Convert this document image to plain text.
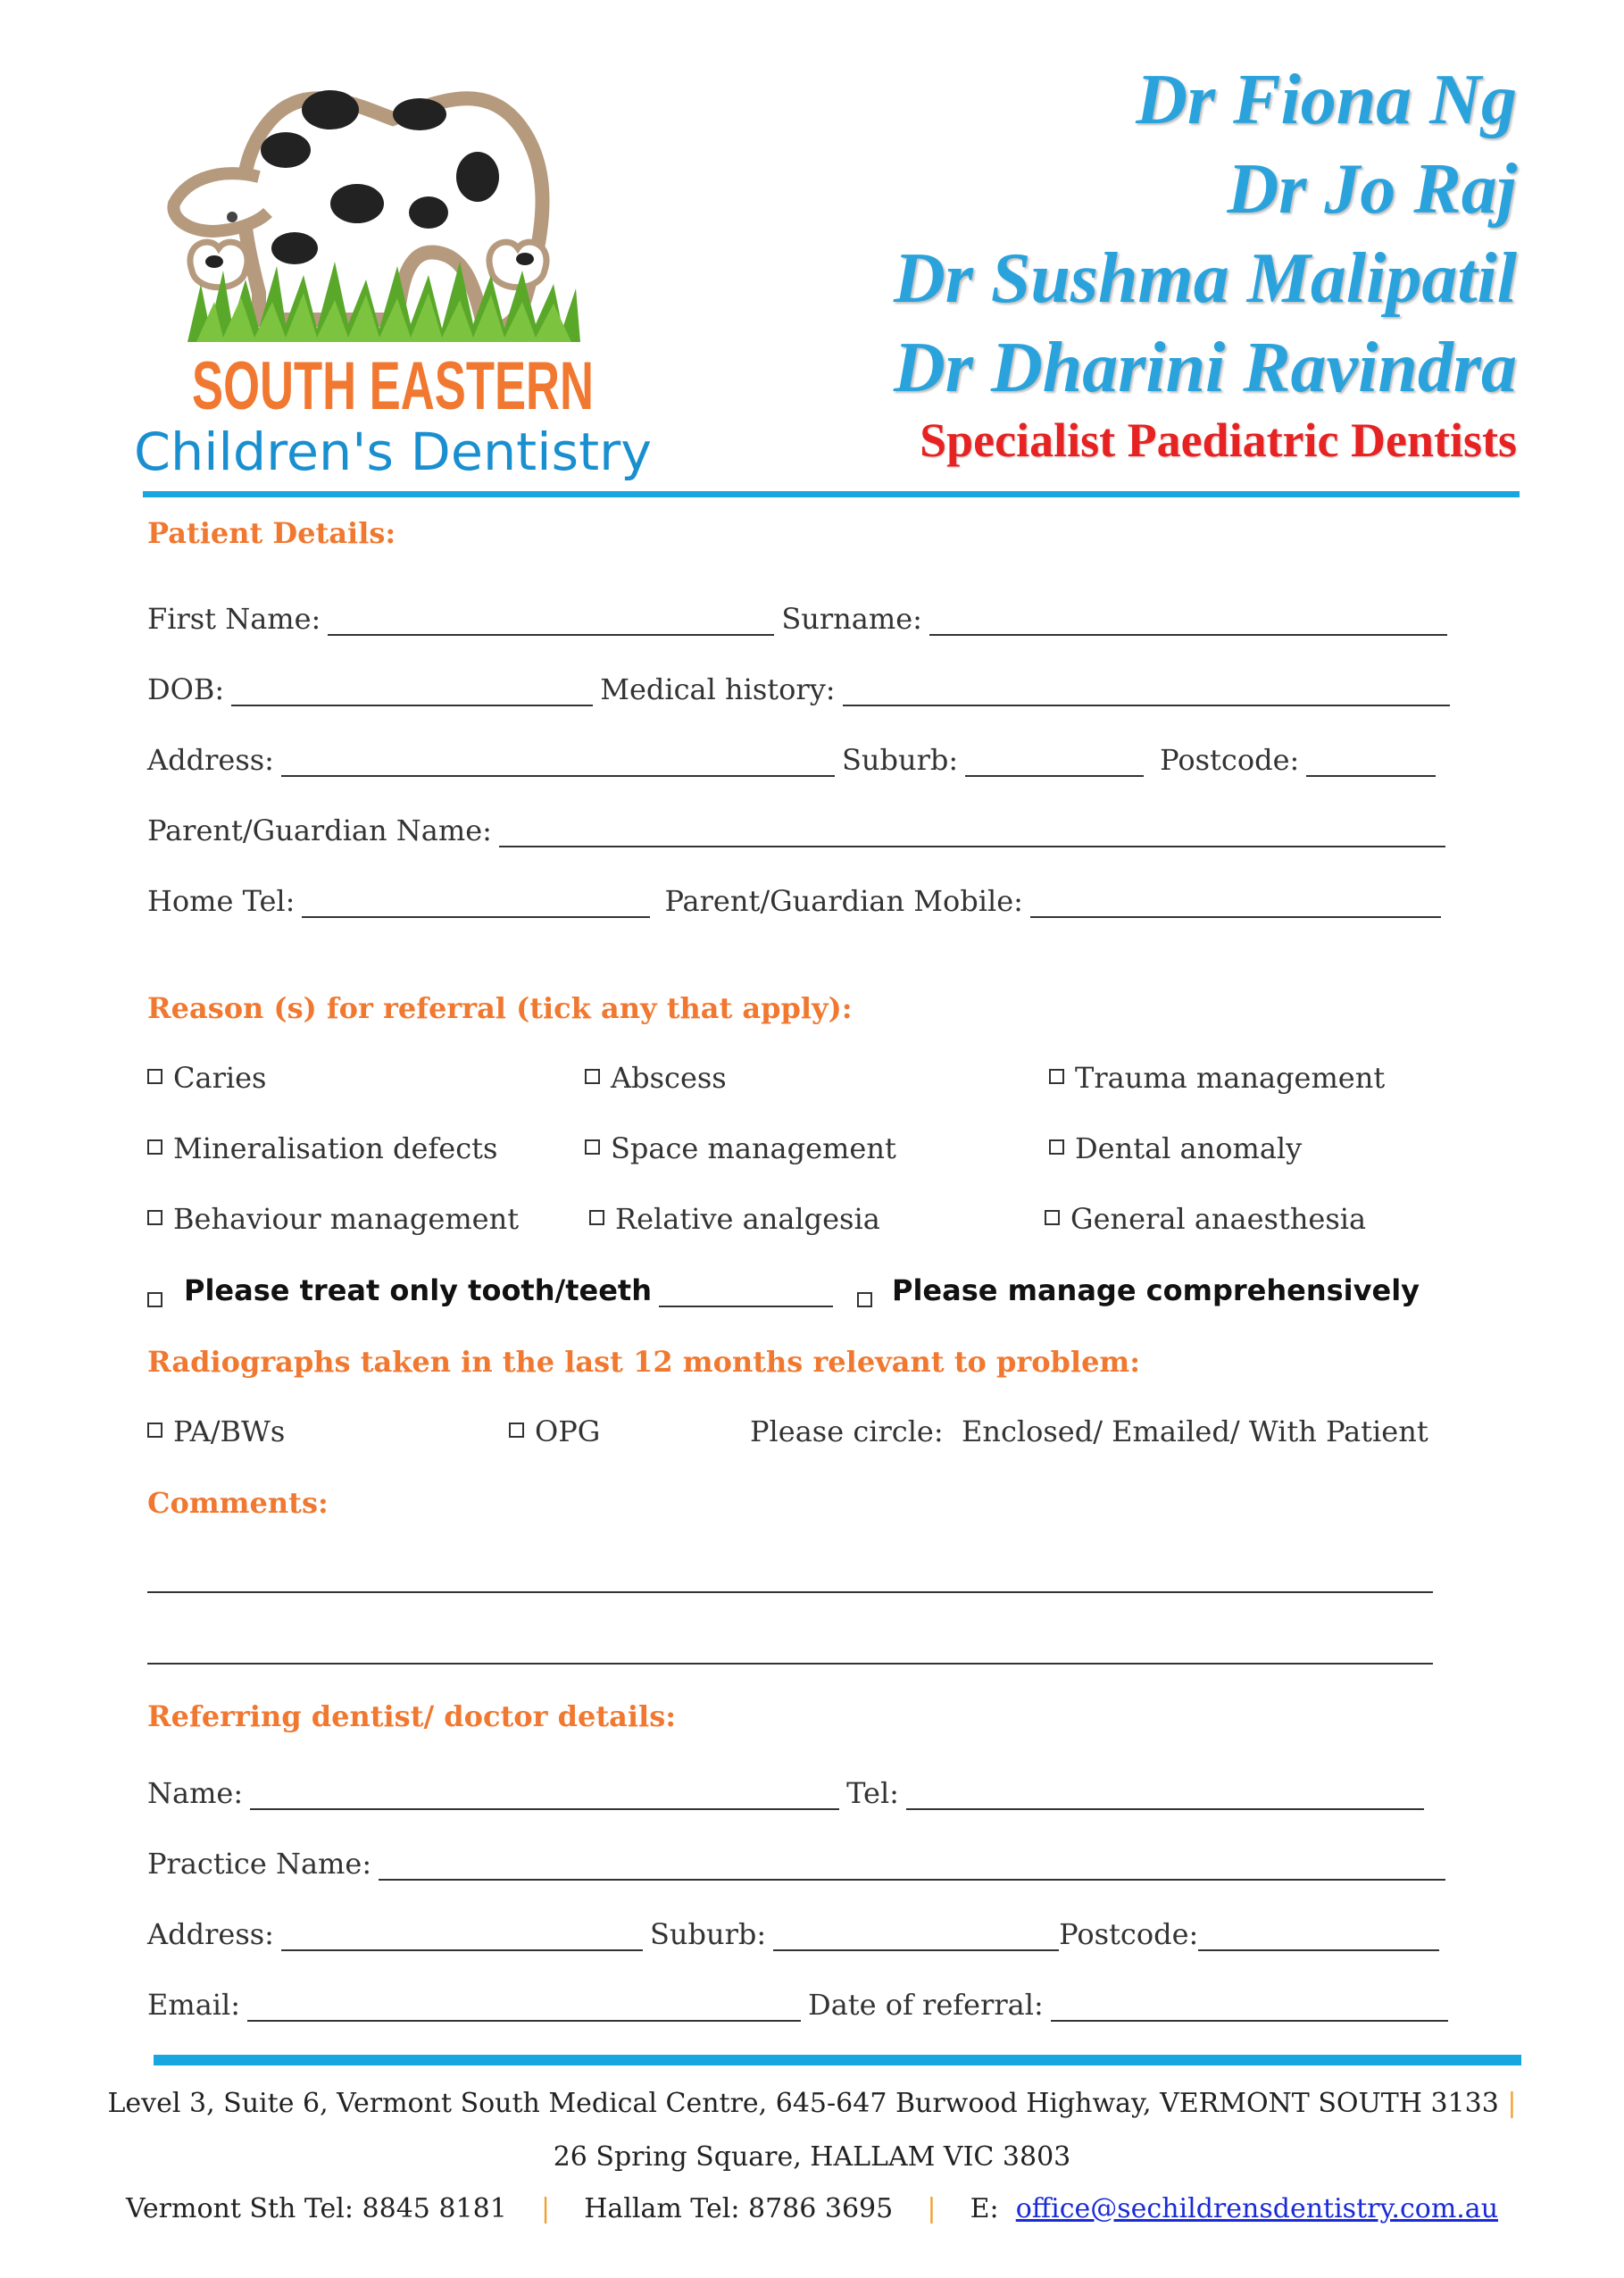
SOUTH EASTERN
Children's Dentistry
Dr Fiona Ng
Dr Jo Raj
Dr Sushma Malipatil
Dr Dharini Ravindra
Specialist Paediatric Dentists
Patient Details:
First Name:	Surname:
DOB:	Medical history:
Address:	Suburb:	Postcode:
Parent/Guardian Name:
Home Tel:	Parent/Guardian Mobile:
Reason (s) for referral (tick any that apply):
Caries	Abscess	Trauma management
Mineralisation defects	Space management	Dental anomaly
Behaviour management	Relative analgesia	General anaesthesia
Please treat only tooth/teeth	Please manage comprehensively
Radiographs taken in the last 12 months relevant to problem:
PA/BWs	OPG	Please circle:  Enclosed/ Emailed/ With Patient
Comments:
Referring dentist/ doctor details:
Name:	Tel:
Practice Name:
Address:	Suburb:	Postcode:
Email:	Date of referral:
Level 3, Suite 6, Vermont South Medical Centre, 645-647 Burwood Highway, VERMONT SOUTH 3133 |
26 Spring Square, HALLAM VIC 3803
Vermont Sth Tel: 8845 8181 | Hallam Tel: 8786 3695 | E: office@sechildrensdentistry.com.au
